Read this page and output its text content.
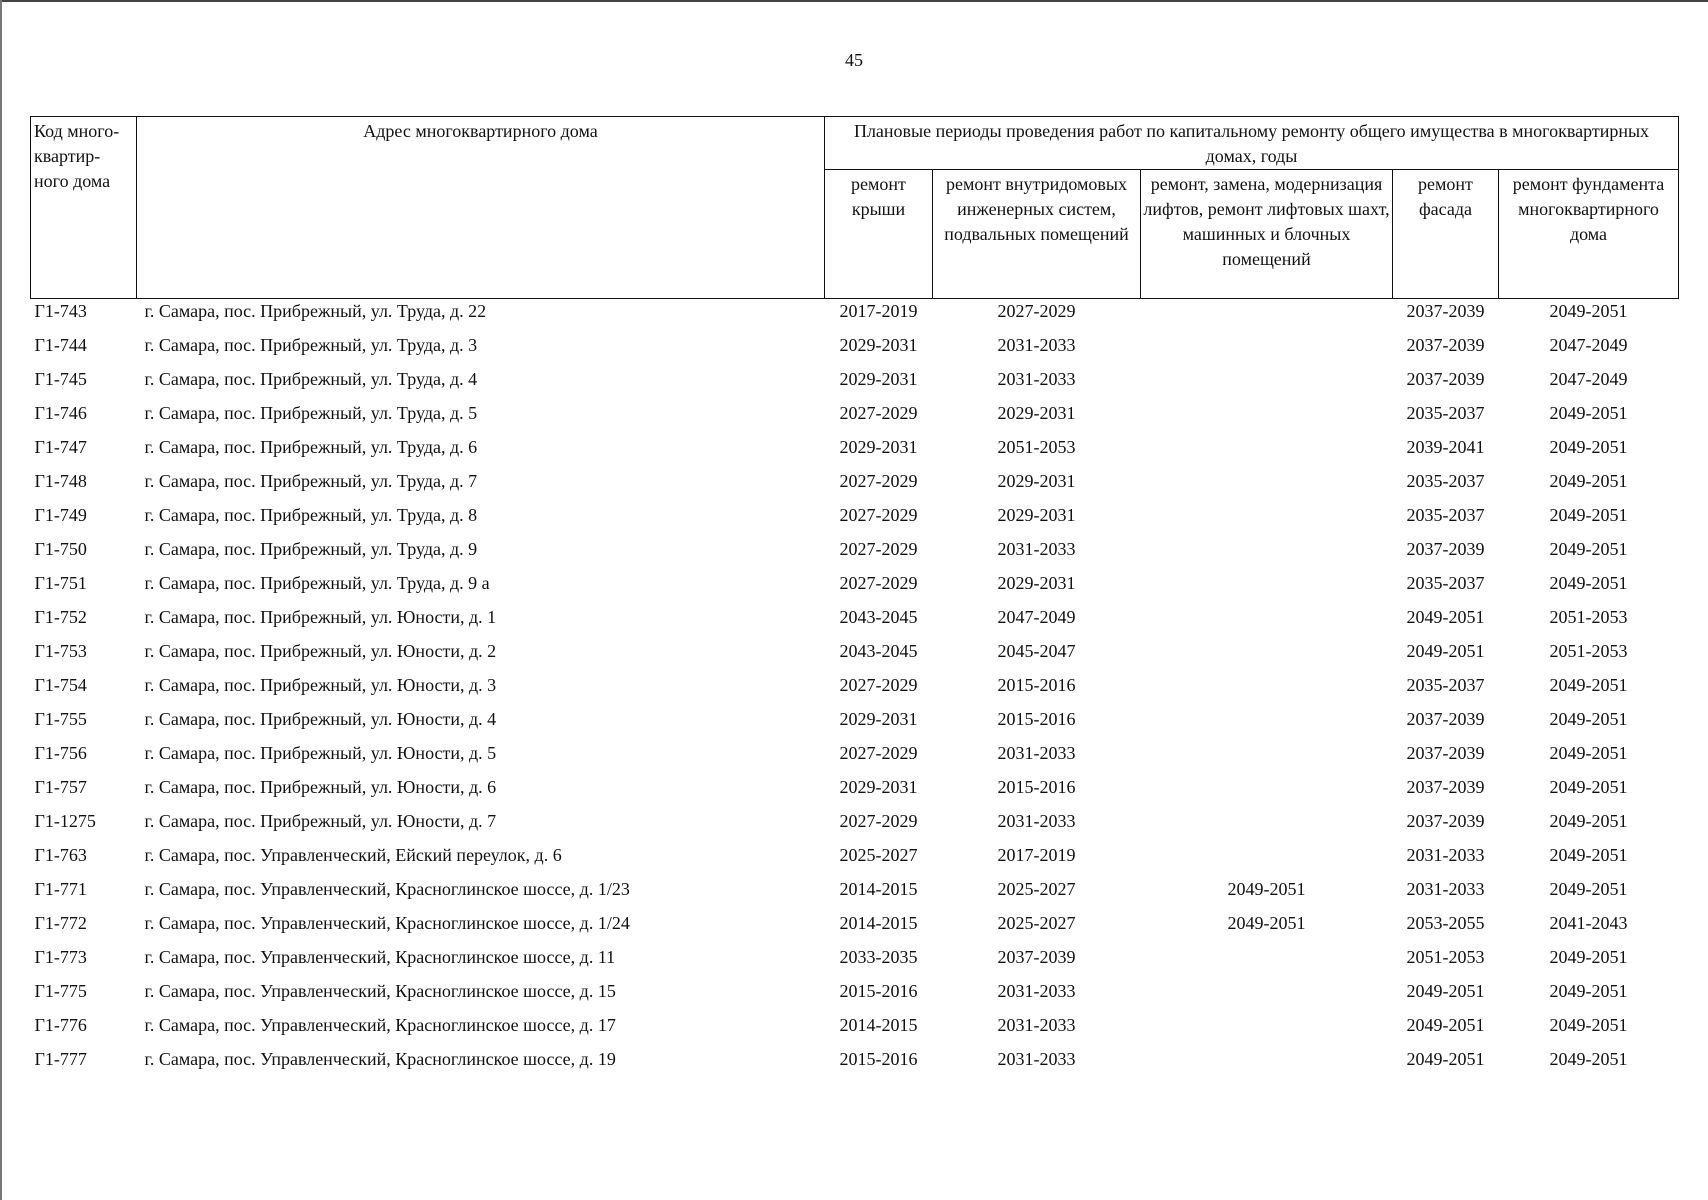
45
Код много-квартир-ного дома	Адрес многоквартирного дома	Плановые периоды проведения работ по капитальному ремонту общего имущества в многоквартирных домах, годы				
		ремонт крыши	ремонт внутридомовых инженерных систем, подвальных помещений	ремонт, замена, модернизация лифтов, ремонт лифтовых шахт, машинных и блочных помещений	ремонт фасада	ремонт фундамента многоквартирного дома
Г1-743	г. Самара, пос. Прибрежный, ул. Труда, д. 22	2017-2019	2027-2029		2037-2039	2049-2051
Г1-744	г. Самара, пос. Прибрежный, ул. Труда, д. 3	2029-2031	2031-2033		2037-2039	2047-2049
Г1-745	г. Самара, пос. Прибрежный, ул. Труда, д. 4	2029-2031	2031-2033		2037-2039	2047-2049
Г1-746	г. Самара, пос. Прибрежный, ул. Труда, д. 5	2027-2029	2029-2031		2035-2037	2049-2051
Г1-747	г. Самара, пос. Прибрежный, ул. Труда, д. 6	2029-2031	2051-2053		2039-2041	2049-2051
Г1-748	г. Самара, пос. Прибрежный, ул. Труда, д. 7	2027-2029	2029-2031		2035-2037	2049-2051
Г1-749	г. Самара, пос. Прибрежный, ул. Труда, д. 8	2027-2029	2029-2031		2035-2037	2049-2051
Г1-750	г. Самара, пос. Прибрежный, ул. Труда, д. 9	2027-2029	2031-2033		2037-2039	2049-2051
Г1-751	г. Самара, пос. Прибрежный, ул. Труда, д. 9 а	2027-2029	2029-2031		2035-2037	2049-2051
Г1-752	г. Самара, пос. Прибрежный, ул. Юности, д. 1	2043-2045	2047-2049		2049-2051	2051-2053
Г1-753	г. Самара, пос. Прибрежный, ул. Юности, д. 2	2043-2045	2045-2047		2049-2051	2051-2053
Г1-754	г. Самара, пос. Прибрежный, ул. Юности, д. 3	2027-2029	2015-2016		2035-2037	2049-2051
Г1-755	г. Самара, пос. Прибрежный, ул. Юности, д. 4	2029-2031	2015-2016		2037-2039	2049-2051
Г1-756	г. Самара, пос. Прибрежный, ул. Юности, д. 5	2027-2029	2031-2033		2037-2039	2049-2051
Г1-757	г. Самара, пос. Прибрежный, ул. Юности, д. 6	2029-2031	2015-2016		2037-2039	2049-2051
Г1-1275	г. Самара, пос. Прибрежный, ул. Юности, д. 7	2027-2029	2031-2033		2037-2039	2049-2051
Г1-763	г. Самара, пос. Управленческий, Ейский переулок, д. 6	2025-2027	2017-2019		2031-2033	2049-2051
Г1-771	г. Самара, пос. Управленческий, Красноглинское шоссе, д. 1/23	2014-2015	2025-2027	2049-2051	2031-2033	2049-2051
Г1-772	г. Самара, пос. Управленческий, Красноглинское шоссе, д. 1/24	2014-2015	2025-2027	2049-2051	2053-2055	2041-2043
Г1-773	г. Самара, пос. Управленческий, Красноглинское шоссе, д. 11	2033-2035	2037-2039		2051-2053	2049-2051
Г1-775	г. Самара, пос. Управленческий, Красноглинское шоссе, д. 15	2015-2016	2031-2033		2049-2051	2049-2051
Г1-776	г. Самара, пос. Управленческий, Красноглинское шоссе, д. 17	2014-2015	2031-2033		2049-2051	2049-2051
Г1-777	г. Самара, пос. Управленческий, Красноглинское шоссе, д. 19	2015-2016	2031-2033		2049-2051	2049-2051
